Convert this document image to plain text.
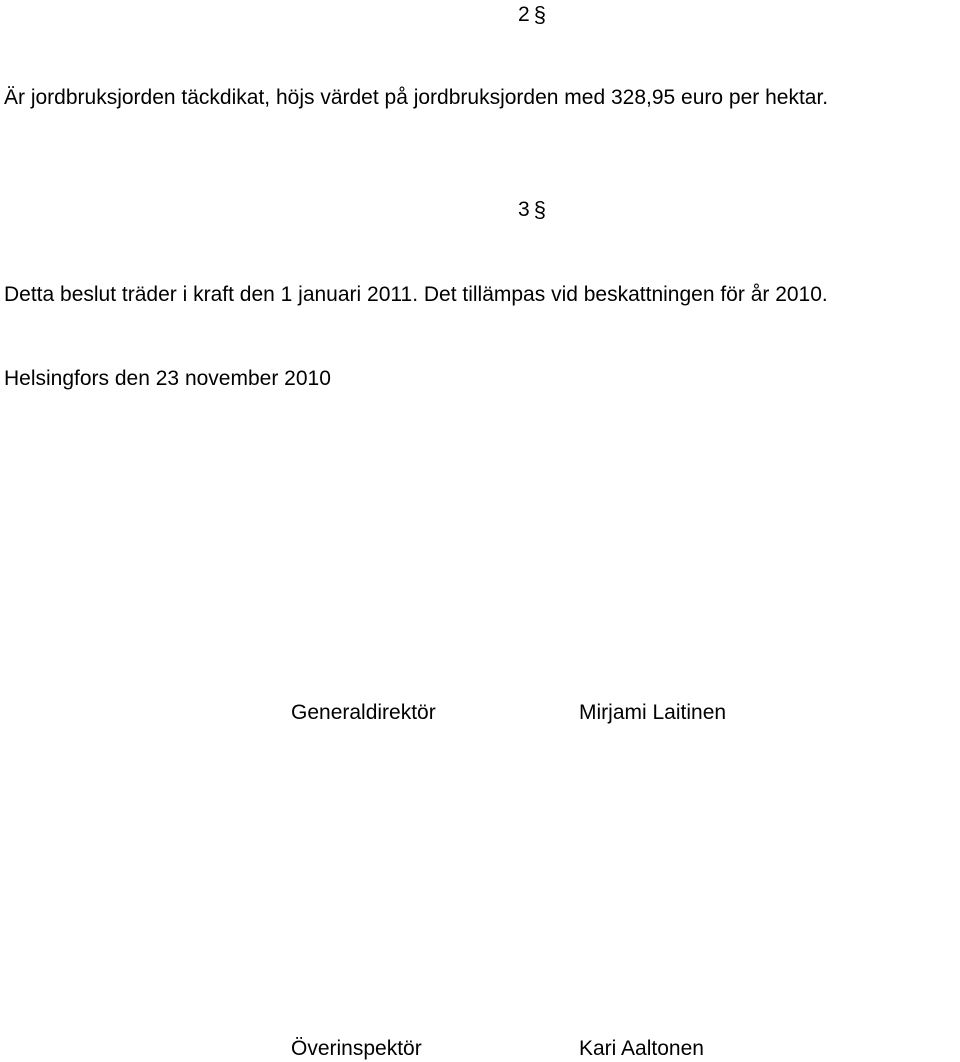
2 §
Är jordbruksjorden täckdikat, höjs värdet på jordbruksjorden med 328,95 euro per hektar.
3 §
Detta beslut träder i kraft den 1 januari 2011. Det tillämpas vid beskattningen för år 2010.
Helsingfors den 23 november 2010
Generaldirektör	Mirjami Laitinen
Överinspektör	Kari Aaltonen
